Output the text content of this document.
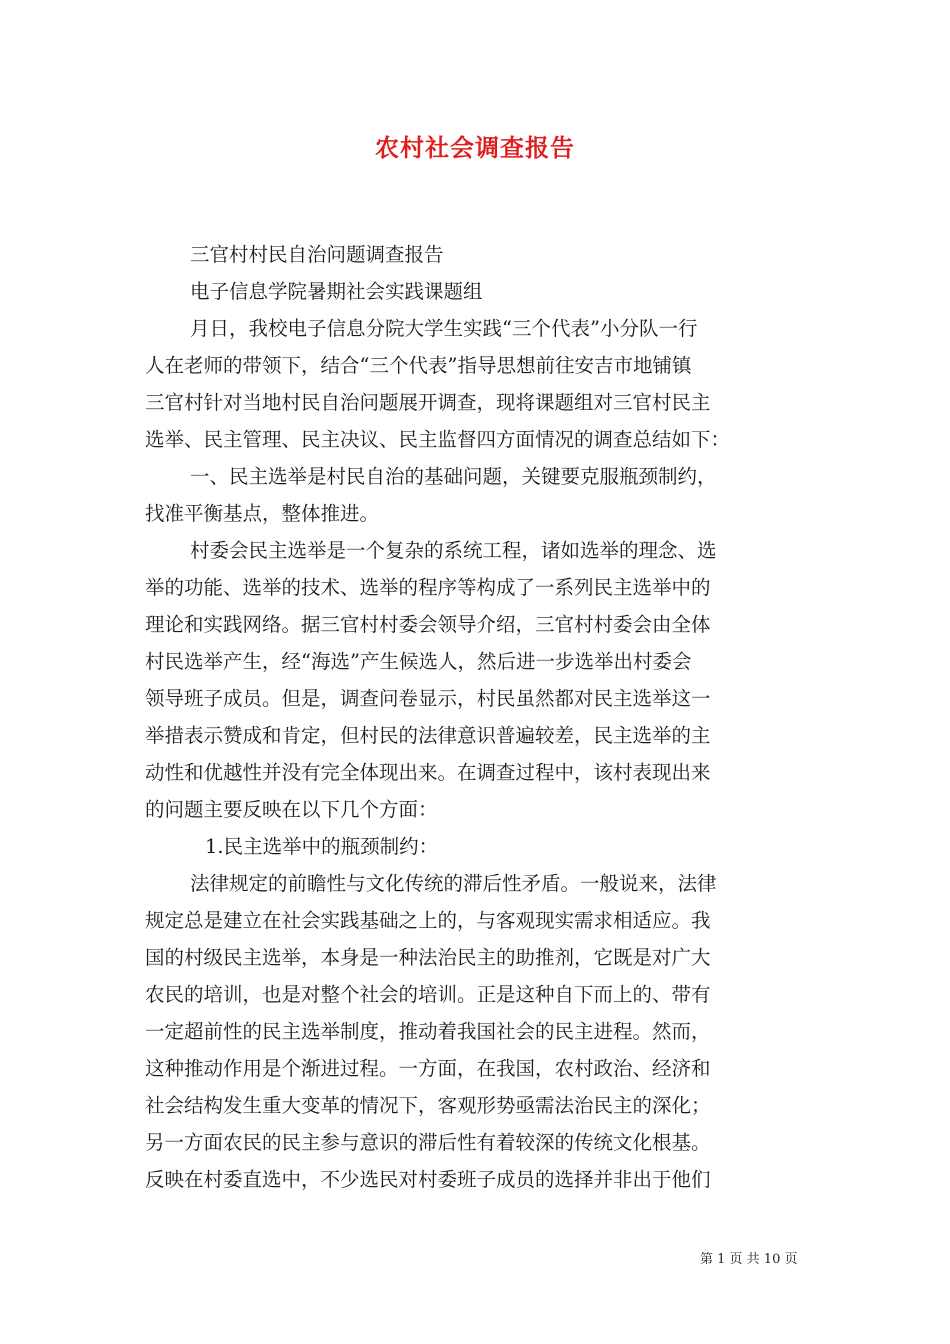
农村社会调查报告

三官村村民自治问题调查报告

电子信息学院暑期社会实践课题组

月日，我校电子信息分院大学生实践“三个代表”小分队一行

人在老师的带领下，结合“三个代表”指导思想前往安吉市地铺镇

三官村针对当地村民自治问题展开调查，现将课题组对三官村民主

选举、民主管理、民主决议、民主监督四方面情况的调查总结如下：

一、民主选举是村民自治的基础问题，关键要克服瓶颈制约，

找准平衡基点，整体推进。

村委会民主选举是一个复杂的系统工程，诸如选举的理念、选

举的功能、选举的技术、选举的程序等构成了一系列民主选举中的

理论和实践网络。据三官村村委会领导介绍，三官村村委会由全体

村民选举产生，经“海选”产生候选人，然后进一步选举出村委会

领导班子成员。但是，调查问卷显示，村民虽然都对民主选举这一

举措表示赞成和肯定，但村民的法律意识普遍较差，民主选举的主

动性和优越性并没有完全体现出来。在调查过程中，该村表现出来

的问题主要反映在以下几个方面：

1.民主选举中的瓶颈制约：

法律规定的前瞻性与文化传统的滞后性矛盾。一般说来，法律

规定总是建立在社会实践基础之上的，与客观现实需求相适应。我

国的村级民主选举，本身是一种法治民主的助推剂，它既是对广大

农民的培训，也是对整个社会的培训。正是这种自下而上的、带有

一定超前性的民主选举制度，推动着我国社会的民主进程。然而，

这种推动作用是个渐进过程。一方面，在我国，农村政治、经济和

社会结构发生重大变革的情况下，客观形势亟需法治民主的深化；

另一方面农民的民主参与意识的滞后性有着较深的传统文化根基。

反映在村委直选中，不少选民对村委班子成员的选择并非出于他们

第 1 页 共 10 页
